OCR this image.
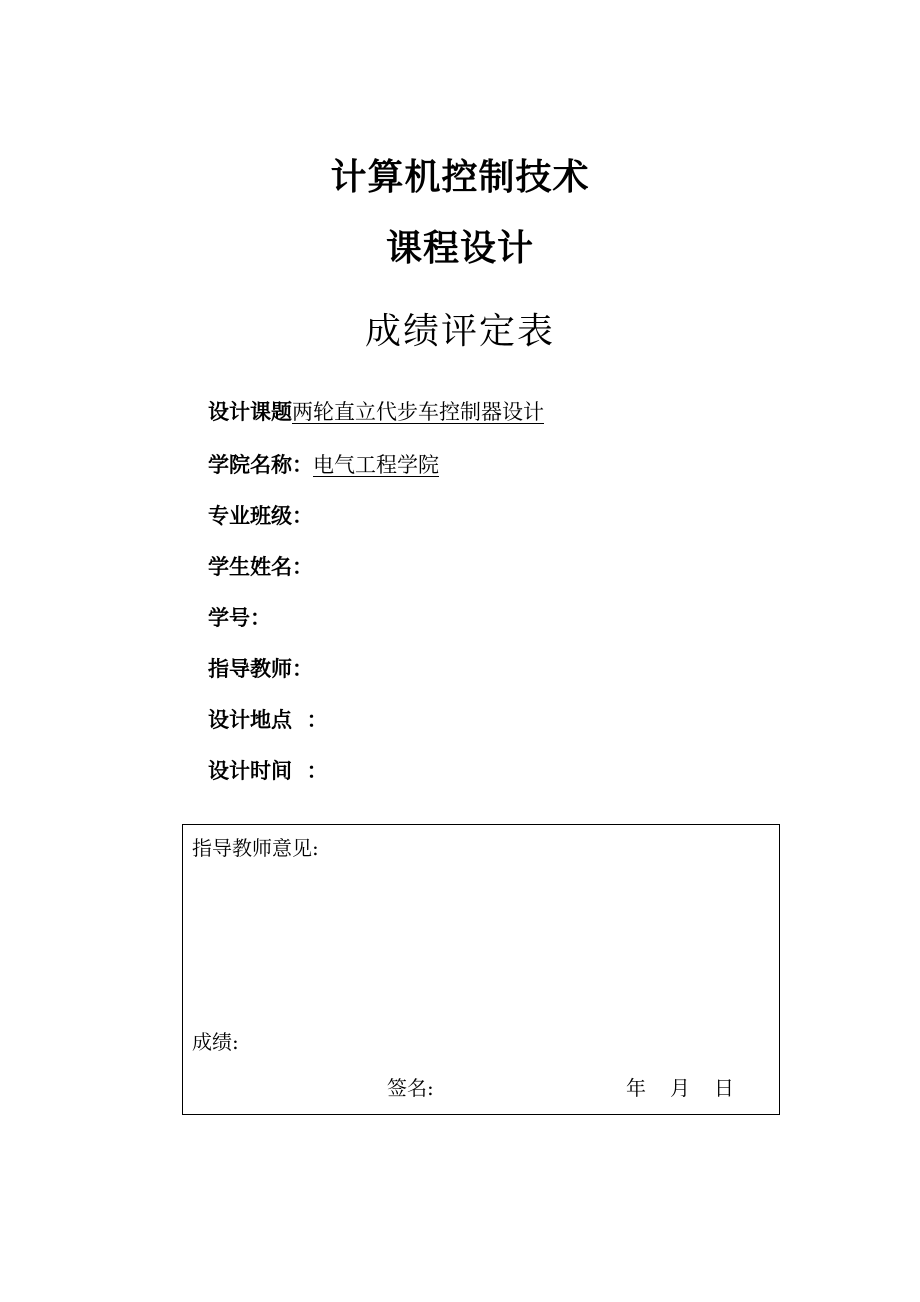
计算机控制技术
课程设计
成绩评定表
设计课题两轮直立代步车控制器设计
学院名称：电气工程学院
专业班级：
学生姓名：
学号：
指导教师：
设计地点  ：
设计时间  ：
指导教师意见:
成绩:
签名:	年 月 日
